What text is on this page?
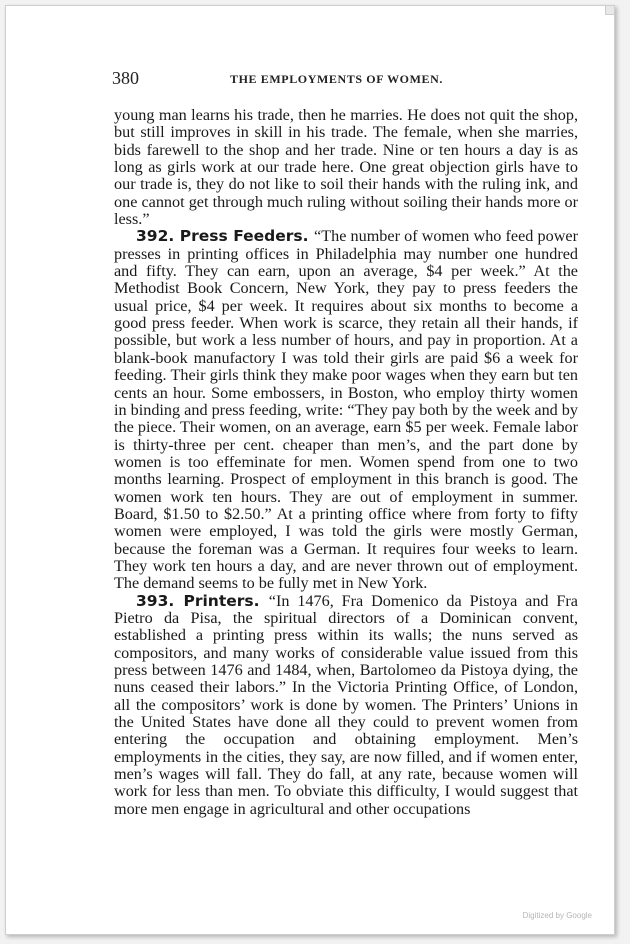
380	THE EMPLOYMENTS OF WOMEN.

young man learns his trade, then he marries. He does not quit the shop, but still improves in skill in his trade. The female, when she marries, bids farewell to the shop and her trade. Nine or ten hours a day is as long as girls work at our trade here. One great objection girls have to our trade is, they do not like to soil their hands with the ruling ink, and one cannot get through much ruling without soiling their hands more or less.”

392. Press Feeders. “The number of women who feed power presses in printing offices in Philadelphia may number one hundred and fifty. They can earn, upon an average, $4 per week.” At the Methodist Book Concern, New York, they pay to press feeders the usual price, $4 per week. It requires about six months to become a good press feeder. When work is scarce, they retain all their hands, if possible, but work a less number of hours, and pay in proportion. At a blank-book manufactory I was told their girls are paid $6 a week for feeding. Their girls think they make poor wages when they earn but ten cents an hour. Some embossers, in Boston, who employ thirty women in binding and press feeding, write: “They pay both by the week and by the piece. Their women, on an average, earn $5 per week. Female labor is thirty-three per cent. cheaper than men’s, and the part done by women is too effeminate for men. Women spend from one to two months learning. Prospect of employment in this branch is good. The women work ten hours. They are out of employment in summer. Board, $1.50 to $2.50.” At a printing office where from forty to fifty women were employed, I was told the girls were mostly German, because the foreman was a German. It requires four weeks to learn. They work ten hours a day, and are never thrown out of employment. The demand seems to be fully met in New York.

393. Printers. “In 1476, Fra Domenico da Pistoya and Fra Pietro da Pisa, the spiritual directors of a Dominican convent, established a printing press within its walls; the nuns served as compositors, and many works of considerable value issued from this press between 1476 and 1484, when, Bartolomeo da Pistoya dying, the nuns ceased their labors.” In the Victoria Printing Office, of London, all the compositors’ work is done by women. The Printers’ Unions in the United States have done all they could to prevent women from entering the occupation and obtaining employment. Men’s employments in the cities, they say, are now filled, and if women enter, men’s wages will fall. They do fall, at any rate, because women will work for less than men. To obviate this difficulty, I would suggest that more men engage in agricultural and other occupations

Digitized by Google
